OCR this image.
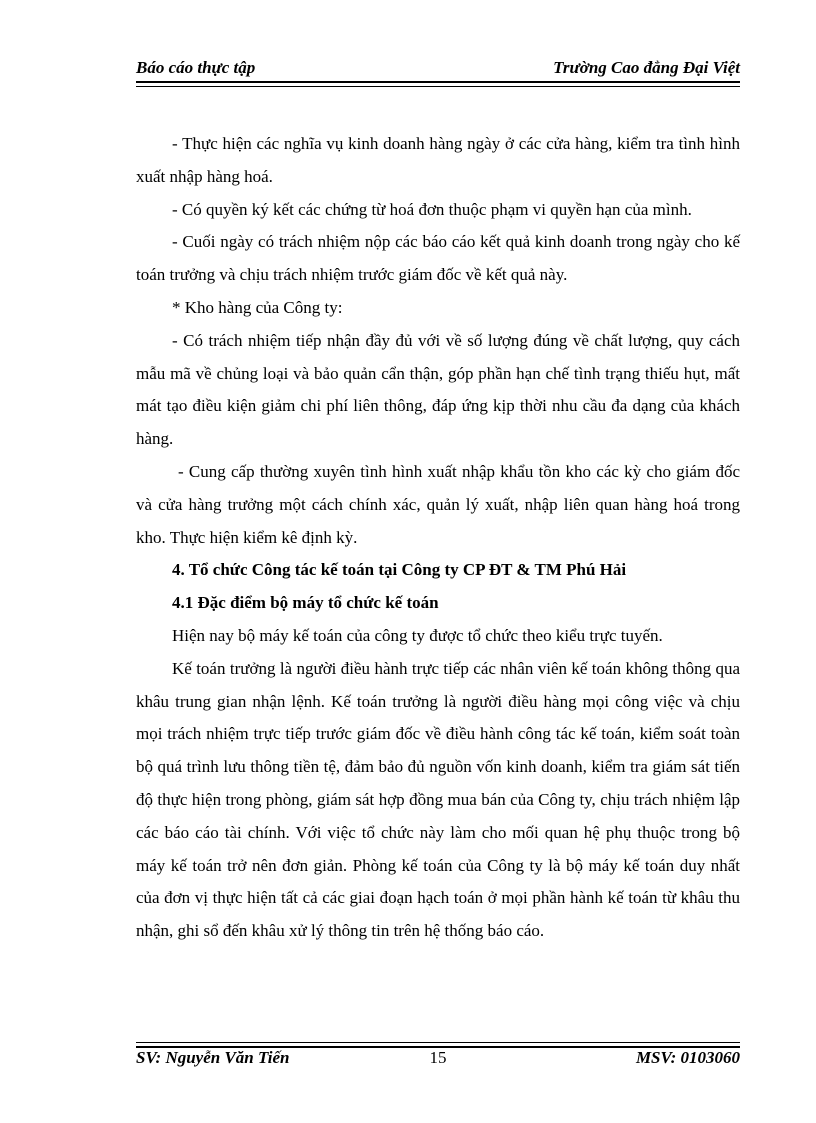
Báo cáo thực tập	Trường Cao đẳng Đại Việt

- Thực hiện các nghĩa vụ kinh doanh hàng ngày ở các cửa hàng, kiểm tra tình hình xuất nhập hàng hoá.

- Có quyền ký kết các chứng từ hoá đơn thuộc phạm vi quyền hạn của mình.

- Cuối ngày có trách nhiệm nộp các báo cáo kết quả kinh doanh trong ngày cho kế toán trưởng và chịu trách nhiệm trước giám đốc về kết quả này.

* Kho hàng của Công ty:

- Có trách nhiệm tiếp nhận đầy đủ với về số lượng đúng về chất lượng, quy cách mẫu mã về chủng loại và bảo quản cẩn thận, góp phần hạn chế tình trạng thiếu hụt, mất mát tạo điều kiện giảm chi phí liên thông, đáp ứng kịp thời nhu cầu đa dạng của khách hàng.

- Cung cấp thường xuyên tình hình xuất nhập khẩu tồn kho các kỳ cho giám đốc và cửa hàng trưởng một cách chính xác, quản lý xuất, nhập liên quan hàng hoá trong kho. Thực hiện kiểm kê định kỳ.

4. Tổ chức Công tác kế toán tại Công ty CP ĐT & TM Phú Hải

4.1 Đặc điểm bộ máy tổ chức kế toán

Hiện nay bộ máy kế toán của công ty được tổ chức theo kiểu trực tuyến.

Kế toán trưởng là người điều hành trực tiếp các nhân viên kế toán không thông qua khâu trung gian nhận lệnh. Kế toán trưởng là người điều hàng mọi công việc và chịu mọi trách nhiệm trực tiếp trước giám đốc về điều hành công tác kế toán, kiểm soát toàn bộ quá trình lưu thông tiền tệ, đảm bảo đủ nguồn vốn kinh doanh, kiểm tra giám sát tiến độ thực hiện trong phòng, giám sát hợp đồng mua bán của Công ty, chịu trách nhiệm lập các báo cáo tài chính. Với việc tổ chức này làm cho mối quan hệ phụ thuộc trong bộ máy kế toán trở nên đơn giản. Phòng kế toán của Công ty là bộ máy kế toán duy nhất của đơn vị thực hiện tất cả các giai đoạn hạch toán ở mọi phần hành kế toán từ khâu thu nhận, ghi sổ đến khâu xử lý thông tin trên hệ thống báo cáo.

SV: Nguyễn Văn Tiến	15	MSV: 0103060
